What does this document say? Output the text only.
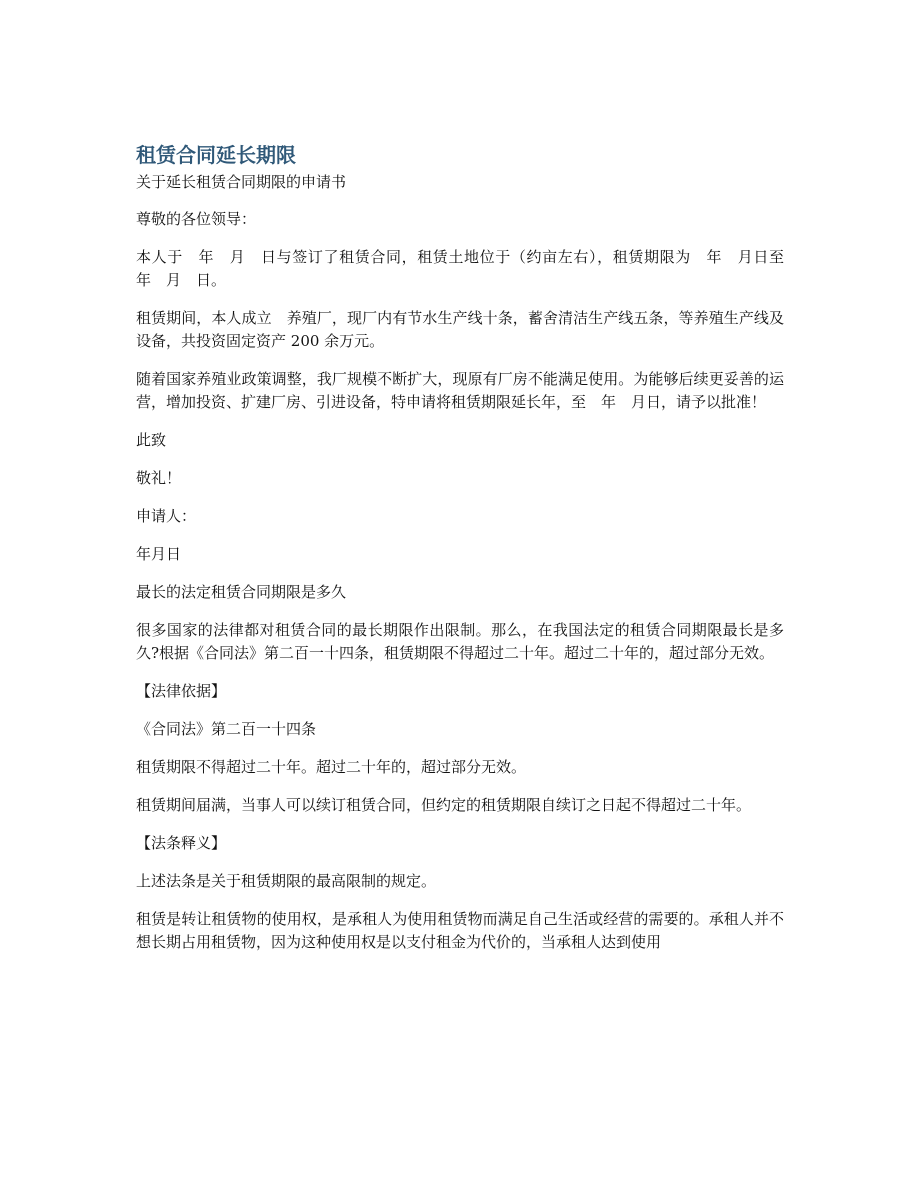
租赁合同延长期限

关于延长租赁合同期限的申请书

尊敬的各位领导：

本人于　年　月　日与签订了租赁合同，租赁土地位于（约亩左右），租赁期限为　年　月日至　年　月　日。

租赁期间，本人成立　养殖厂，现厂内有节水生产线十条，蓄舍清洁生产线五条，等养殖生产线及设备，共投资固定资产 200 余万元。

随着国家养殖业政策调整，我厂规模不断扩大，现原有厂房不能满足使用。为能够后续更妥善的运营，增加投资、扩建厂房、引进设备，特申请将租赁期限延长年，至　年　月日，请予以批准！

此致

敬礼！

申请人：

年月日

最长的法定租赁合同期限是多久

很多国家的法律都对租赁合同的最长期限作出限制。那么，在我国法定的租赁合同期限最长是多久?根据《合同法》第二百一十四条，租赁期限不得超过二十年。超过二十年的，超过部分无效。

【法律依据】

《合同法》第二百一十四条

租赁期限不得超过二十年。超过二十年的，超过部分无效。

租赁期间届满，当事人可以续订租赁合同，但约定的租赁期限自续订之日起不得超过二十年。

【法条释义】

上述法条是关于租赁期限的最高限制的规定。

租赁是转让租赁物的使用权，是承租人为使用租赁物而满足自己生活或经营的需要的。承租人并不想长期占用租赁物，因为这种使用权是以支付租金为代价的，当承租人达到使用
